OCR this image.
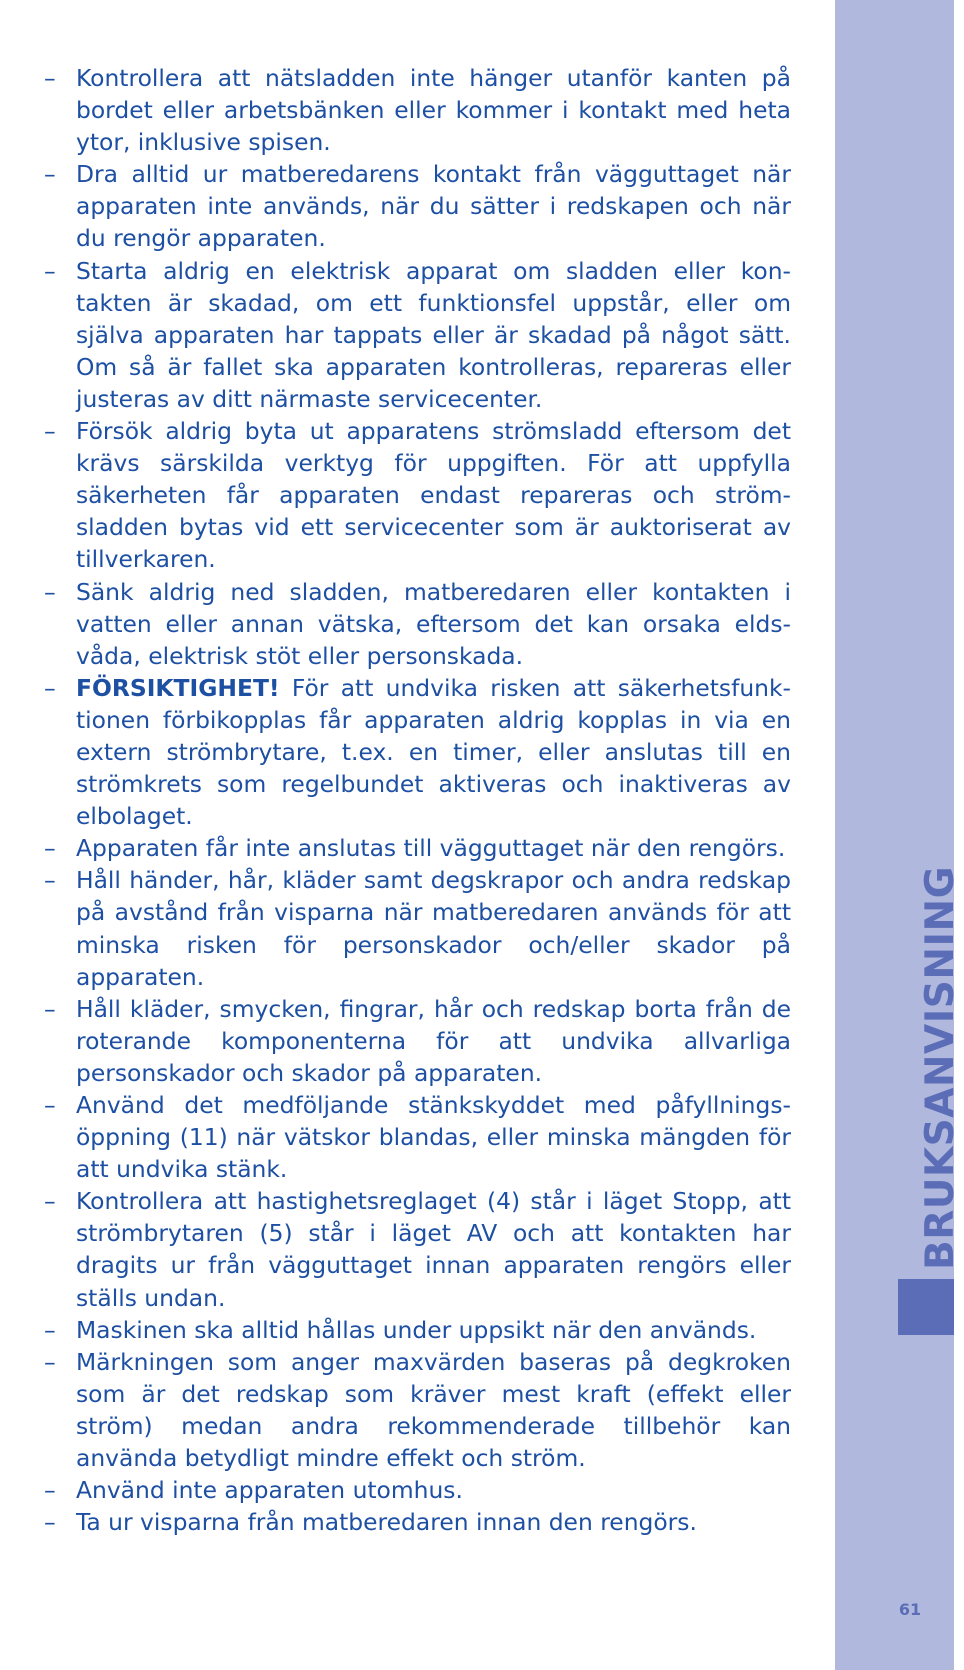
– Kontrollera att nätsladden inte hänger utanför kanten på bordet eller arbetsbänken eller kommer i kontakt med heta ytor, inklusive spisen.
– Dra alltid ur matberedarens kontakt från vägguttaget när apparaten inte används, när du sätter i redskapen och när du rengör apparaten.
– Starta aldrig en elektrisk apparat om sladden eller kontakten är skadad, om ett funktionsfel uppstår, eller om själva apparaten har tappats eller är skadad på något sätt. Om så är fallet ska apparaten kontrolleras, repareras eller justeras av ditt närmaste servicecenter.
– Försök aldrig byta ut apparatens strömsladd eftersom det krävs särskilda verktyg för uppgiften. För att uppfylla säkerheten får apparaten endast repareras och strömsladden bytas vid ett servicecenter som är auktoriserat av tillverkaren.
– Sänk aldrig ned sladden, matberedaren eller kontakten i vatten eller annan vätska, eftersom det kan orsaka eldsvåda, elektrisk stöt eller personskada.
– FÖRSIKTIGHET! För att undvika risken att säkerhetsfunktionen förbikopplas får apparaten aldrig kopplas in via en extern strömbrytare, t.ex. en timer, eller anslutas till en strömkrets som regelbundet aktiveras och inaktiveras av elbolaget.
– Apparaten får inte anslutas till vägguttaget när den rengörs.
– Håll händer, hår, kläder samt degskrapor och andra redskap på avstånd från visparna när matberedaren används för att minska risken för personskador och/eller skador på apparaten.
– Håll kläder, smycken, fingrar, hår och redskap borta från de roterande komponenterna för att undvika allvarliga personskador och skador på apparaten.
– Använd det medföljande stänkskyddet med påfyllningsöppning (11) när vätskor blandas, eller minska mängden för att undvika stänk.
– Kontrollera att hastighetsreglaget (4) står i läget Stopp, att strömbrytaren (5) står i läget AV och att kontakten har dragits ur från vägguttaget innan apparaten rengörs eller ställs undan.
– Maskinen ska alltid hållas under uppsikt när den används.
– Märkningen som anger maxvärden baseras på degkroken som är det redskap som kräver mest kraft (effekt eller ström) medan andra rekommenderade tillbehör kan använda betydligt mindre effekt och ström.
– Använd inte apparaten utomhus.
– Ta ur visparna från matberedaren innan den rengörs.
BRUKSANVISNING
61
